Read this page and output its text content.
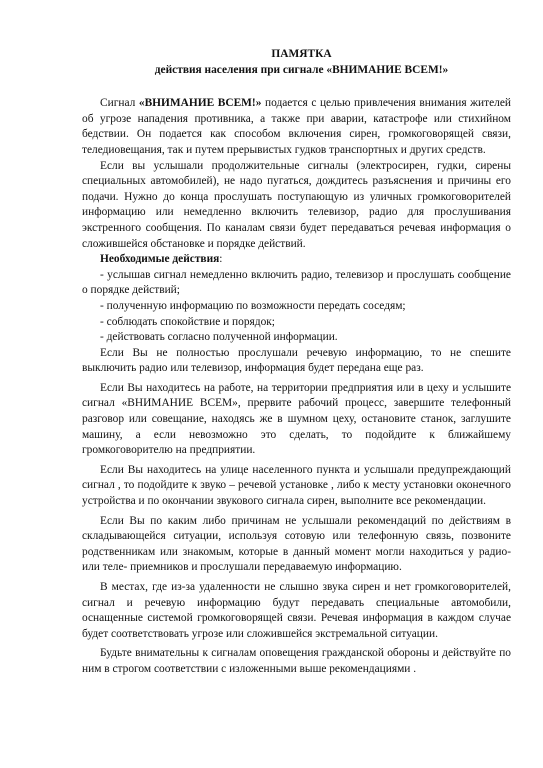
ПАМЯТКА
действия населения при сигнале «ВНИМАНИЕ ВСЕМ!»

Сигнал «ВНИМАНИЕ ВСЕМ!» подается с целью привлечения внимания жителей об угрозе нападения противника, а также при аварии, катастрофе или стихийном бедствии. Он подается как способом включения сирен, громкоговорящей связи, теледиовещания, так и путем прерывистых гудков транспортных и других средств.

Если вы услышали продолжительные сигналы (электросирен, гудки, сирены специальных автомобилей), не надо пугаться, дождитесь разъяснения и причины его подачи. Нужно до конца прослушать поступающую из уличных громкоговорителей информацию или немедленно включить телевизор, радио для прослушивания экстренного сообщения. По каналам связи будет передаваться речевая информация о сложившейся обстановке и порядке действий.

Необходимые действия:

- услышав сигнал немедленно включить радио, телевизор и прослушать сообщение о порядке действий;

- полученную информацию по возможности передать соседям;

- соблюдать спокойствие и порядок;

- действовать согласно полученной информации.

Если Вы не полностью прослушали речевую информацию, то не спешите выключить радио или телевизор, информация будет передана еще раз.

Если Вы находитесь на работе, на территории предприятия или в цеху и услышите сигнал «ВНИМАНИЕ ВСЕМ», прервите рабочий процесс, завершите телефонный разговор или совещание, находясь же в шумном цеху, остановите станок, заглушите машину, а если невозможно это сделать, то подойдите к ближайшему громкоговорителю на предприятии.

Если Вы находитесь на улице населенного пункта и услышали предупреждающий сигнал , то подойдите к звуко – речевой установке , либо к месту установки оконечного устройства и по окончании звукового сигнала сирен, выполните все рекомендации.

Если Вы по каким либо причинам не услышали рекомендаций по действиям в складывающейся ситуации, используя сотовую или телефонную связь, позвоните родственникам или знакомым, которые в данный момент могли находиться у радио- или теле- приемников и прослушали передаваемую информацию.

В местах, где из-за удаленности не слышно звука сирен и нет громкоговорителей, сигнал и речевую информацию будут передавать специальные автомобили, оснащенные системой громкоговорящей связи. Речевая информация в каждом случае будет соответствовать угрозе или сложившейся экстремальной ситуации.

Будьте внимательны к сигналам оповещения гражданской обороны и действуйте по ним в строгом соответствии с изложенными выше рекомендациями .
